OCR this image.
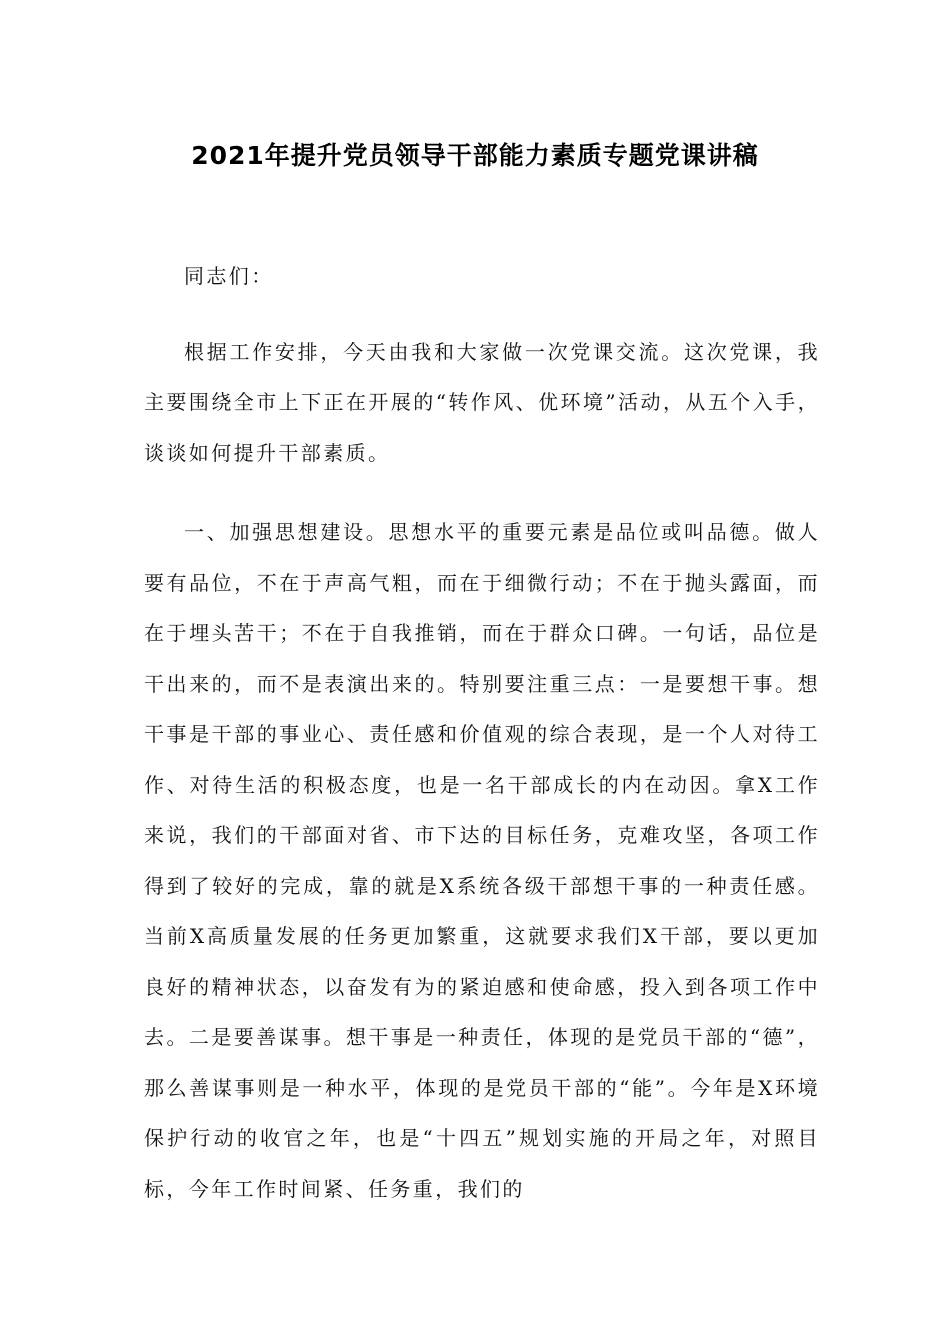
2021年提升党员领导干部能力素质专题党课讲稿

同志们：

根据工作安排，今天由我和大家做一次党课交流。这次党课，我主要围绕全市上下正在开展的“转作风、优环境”活动，从五个入手，谈谈如何提升干部素质。

一、加强思想建设。思想水平的重要元素是品位或叫品德。做人要有品位，不在于声高气粗，而在于细微行动；不在于抛头露面，而在于埋头苦干；不在于自我推销，而在于群众口碑。一句话，品位是干出来的，而不是表演出来的。特别要注重三点：一是要想干事。想干事是干部的事业心、责任感和价值观的综合表现，是一个人对待工作、对待生活的积极态度，也是一名干部成长的内在动因。拿X工作来说，我们的干部面对省、市下达的目标任务，克难攻坚，各项工作得到了较好的完成，靠的就是X系统各级干部想干事的一种责任感。当前X高质量发展的任务更加繁重，这就要求我们X干部，要以更加良好的精神状态，以奋发有为的紧迫感和使命感，投入到各项工作中去。二是要善谋事。想干事是一种责任，体现的是党员干部的“德”，那么善谋事则是一种水平，体现的是党员干部的“能”。今年是X环境保护行动的收官之年，也是“十四五”规划实施的开局之年，对照目标，今年工作时间紧、任务重，我们的
